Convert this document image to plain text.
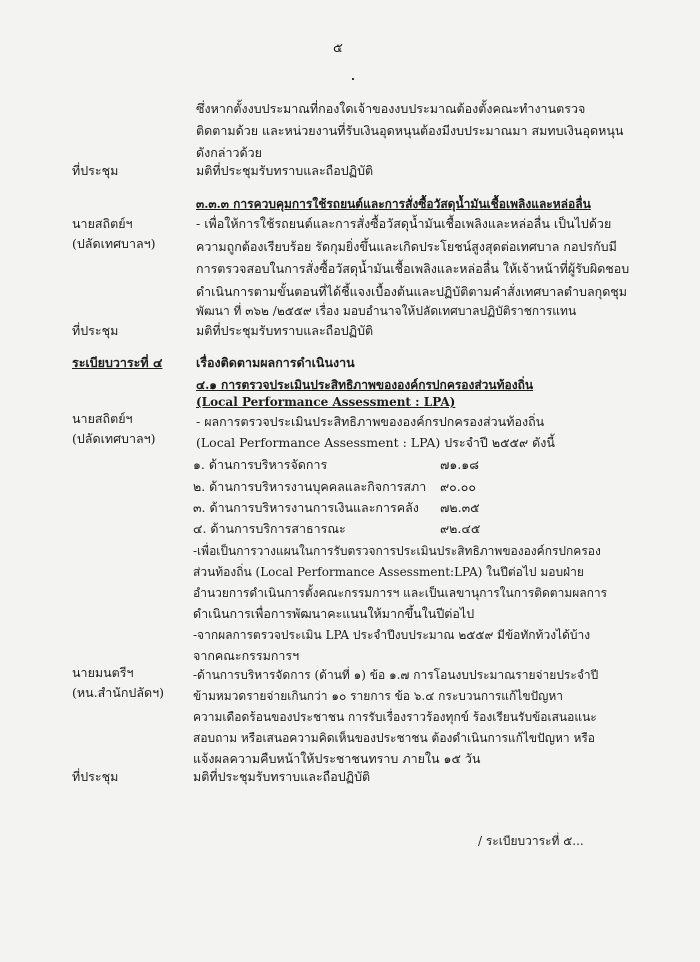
๕
ซึ่งหากตั้งงบประมาณที่กองใดเจ้าของงบประมาณต้องตั้งคณะทำงานตรวจ
ติดตามด้วย และหน่วยงานที่รับเงินอุดหนุนต้องมีงบประมาณมา สมทบเงินอุดหนุน
ดังกล่าวด้วย
ที่ประชุม	มติที่ประชุมรับทราบและถือปฏิบัติ
๓.๓.๓ การควบคุมการใช้รถยนต์และการสั่งซื้อวัสดุน้ำมันเชื้อเพลิงและหล่อลื่น
นายสถิตย์ฯ
(ปลัดเทศบาลฯ)
- เพื่อให้การใช้รถยนต์และการสั่งซื้อวัสดุน้ำมันเชื้อเพลิงและหล่อลื่น เป็นไปด้วย
ความถูกต้องเรียบร้อย รัดกุมยิ่งขึ้นและเกิดประโยชน์สูงสุดต่อเทศบาล กอปรกับมี
การตรวจสอบในการสั่งซื้อวัสดุน้ำมันเชื้อเพลิงและหล่อลื่น ให้เจ้าหน้าที่ผู้รับผิดชอบ
ดำเนินการตามขั้นตอนที่ได้ชี้แจงเบื้องต้นและปฏิบัติตามคำสั่งเทศบาลตำบลกุดชุม
พัฒนา ที่ ๓๖๒ /๒๕๕๙ เรื่อง มอบอำนาจให้ปลัดเทศบาลปฏิบัติราชการแทน
ที่ประชุม	มติที่ประชุมรับทราบและถือปฏิบัติ
ระเบียบวาระที่ ๔	เรื่องติดตามผลการดำเนินงาน
๔.๑ การตรวจประเมินประสิทธิภาพขององค์กรปกครองส่วนท้องถิ่น
(Local Performance Assessment : LPA)
นายสถิตย์ฯ
(ปลัดเทศบาลฯ)
- ผลการตรวจประเมินประสิทธิภาพขององค์กรปกครองส่วนท้องถิ่น
(Local Performance Assessment : LPA) ประจำปี ๒๕๕๙ ดังนี้
๑. ด้านการบริหารจัดการ	๗๑.๑๘
๒. ด้านการบริหารงานบุคคลและกิจการสภา ๙๐.๐๐
๓. ด้านการบริหารงานการเงินและการคลัง ๗๒.๓๕
๔. ด้านการบริการสาธารณะ	๙๒.๔๕
-เพื่อเป็นการวางแผนในการรับตรวจการประเมินประสิทธิภาพขององค์กรปกครอง
ส่วนท้องถิ่น (Local Performance Assessment:LPA) ในปีต่อไป มอบฝ่าย
อำนวยการดำเนินการตั้งคณะกรรมการฯ และเป็นเลขานุการในการติดตามผลการ
ดำเนินการเพื่อการพัฒนาคะแนนให้มากขึ้นในปีต่อไป
-จากผลการตรวจประเมิน LPA ประจำปีงบประมาณ ๒๕๕๙ มีข้อทักท้วงได้บ้าง
จากคณะกรรมการฯ
นายมนตรีฯ
(หน.สำนักปลัดฯ)
-ด้านการบริหารจัดการ (ด้านที่ ๑) ข้อ ๑.๗ การโอนงบประมาณรายจ่ายประจำปี
ข้ามหมวดรายจ่ายเกินกว่า ๑๐ รายการ ข้อ ๖.๔ กระบวนการแก้ไขปัญหา
ความเดือดร้อนของประชาชน การรับเรื่องราวร้องทุกข์ ร้องเรียนรับข้อเสนอแนะ
สอบถาม หรือเสนอความคิดเห็นของประชาชน ต้องดำเนินการแก้ไขปัญหา หรือ
แจ้งผลความคืบหน้าให้ประชาชนทราบ ภายใน ๑๕ วัน
ที่ประชุม	มติที่ประชุมรับทราบและถือปฏิบัติ
/ ระเบียบวาระที่ ๕...
